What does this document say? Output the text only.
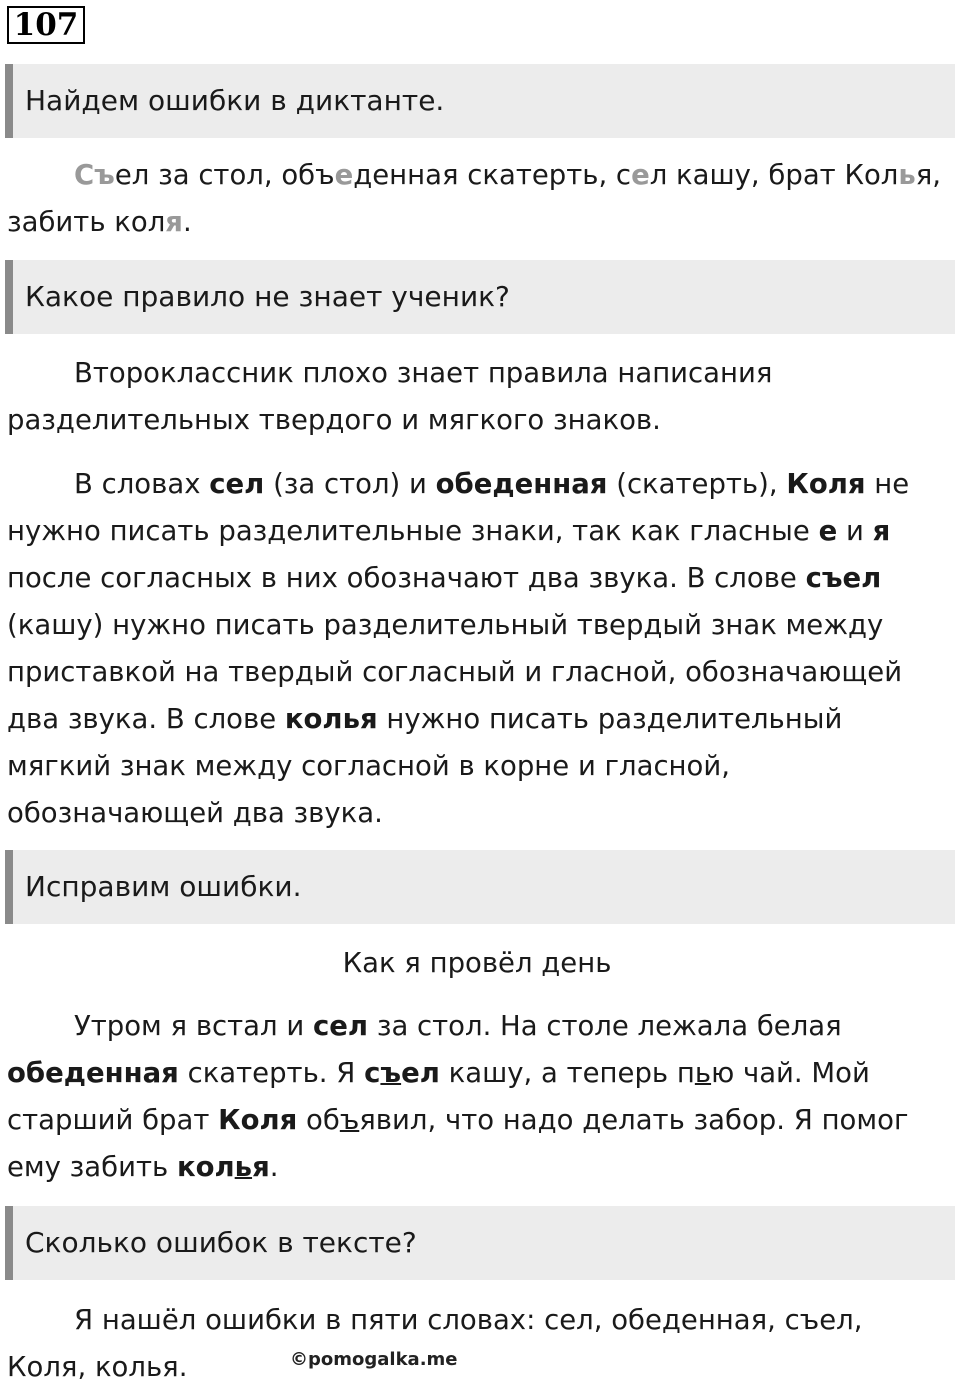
107
Найдем ошибки в диктанте.

Съел за стол, объеденная скатерть, сел кашу, брат Колья,
забить коля.

Какое правило не знает ученик?

Второклассник плохо знает правила написания разделительных твердого и мягкого знаков.

В словах сел (за стол) и обеденная (скатерть), Коля не нужно писать разделительные знаки, так как гласные е и я после согласных в них обозначают два звука. В слове съел (кашу) нужно писать разделительный твердый знак между приставкой на твердый согласный и гласной, обозначающей два звука. В слове колья нужно писать разделительный мягкий знак между согласной в корне и гласной, обозначающей два звука.

Исправим ошибки.

Как я провёл день

Утром я встал и сел за стол. На столе лежала белая
обеденная скатерть. Я съел кашу, а теперь пью чай. Мой старший брат Коля объявил, что надо делать забор. Я помог
ему забить колья.

Сколько ошибок в тексте?

Я нашёл ошибки в пяти словах: сел, обеденная, съел, Коля, колья.	©pomogalka.me
